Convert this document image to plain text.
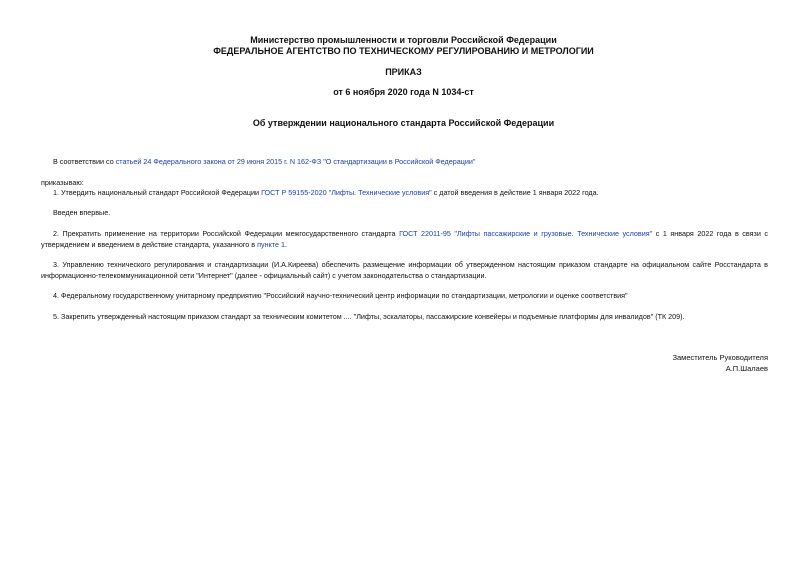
Министерство промышленности и торговли Российской Федерации
ФЕДЕРАЛЬНОЕ АГЕНТСТВО ПО ТЕХНИЧЕСКОМУ РЕГУЛИРОВАНИЮ И МЕТРОЛОГИИ
ПРИКАЗ
от 6 ноября 2020 года N 1034-ст
Об утверждении национального стандарта Российской Федерации
В соответствии со статьей 24 Федерального закона от 29 июня 2015 г. N 162-ФЗ "О стандартизации в Российской Федерации"
приказываю:
1. Утвердить национальный стандарт Российской Федерации ГОСТ Р 59155-2020 "Лифты. Технические условия" с датой введения в действие 1 января 2022 года.
Введен впервые.
2. Прекратить применение на территории Российской Федерации межгосударственного стандарта ГОСТ 22011-95 "Лифты пассажирские и грузовые. Технические условия" с 1 января 2022 года в связи с утверждением и введением в действие стандарта, указанного в пункте 1.
3. Управлению технического регулирования и стандартизации (И.А.Киреева) обеспечить размещение информации об утвержденном настоящим приказом стандарте на официальном сайте Росстандарта в информационно-телекоммуникационной сети "Интернет" (далее - официальный сайт) с учетом законодательства о стандартизации.
4. Федеральному государственному унитарному предприятию "Российский научно-технический центр информации по стандартизации, метрологии и оценке соответствия"
5. Закрепить утвержденный настоящим приказом стандарт за техническим комитетом .... "Лифты, эскалаторы, пассажирские конвейеры и подъемные платформы для инвалидов" (ТК 209).
Заместитель Руководителя
А.П.Шалаев
